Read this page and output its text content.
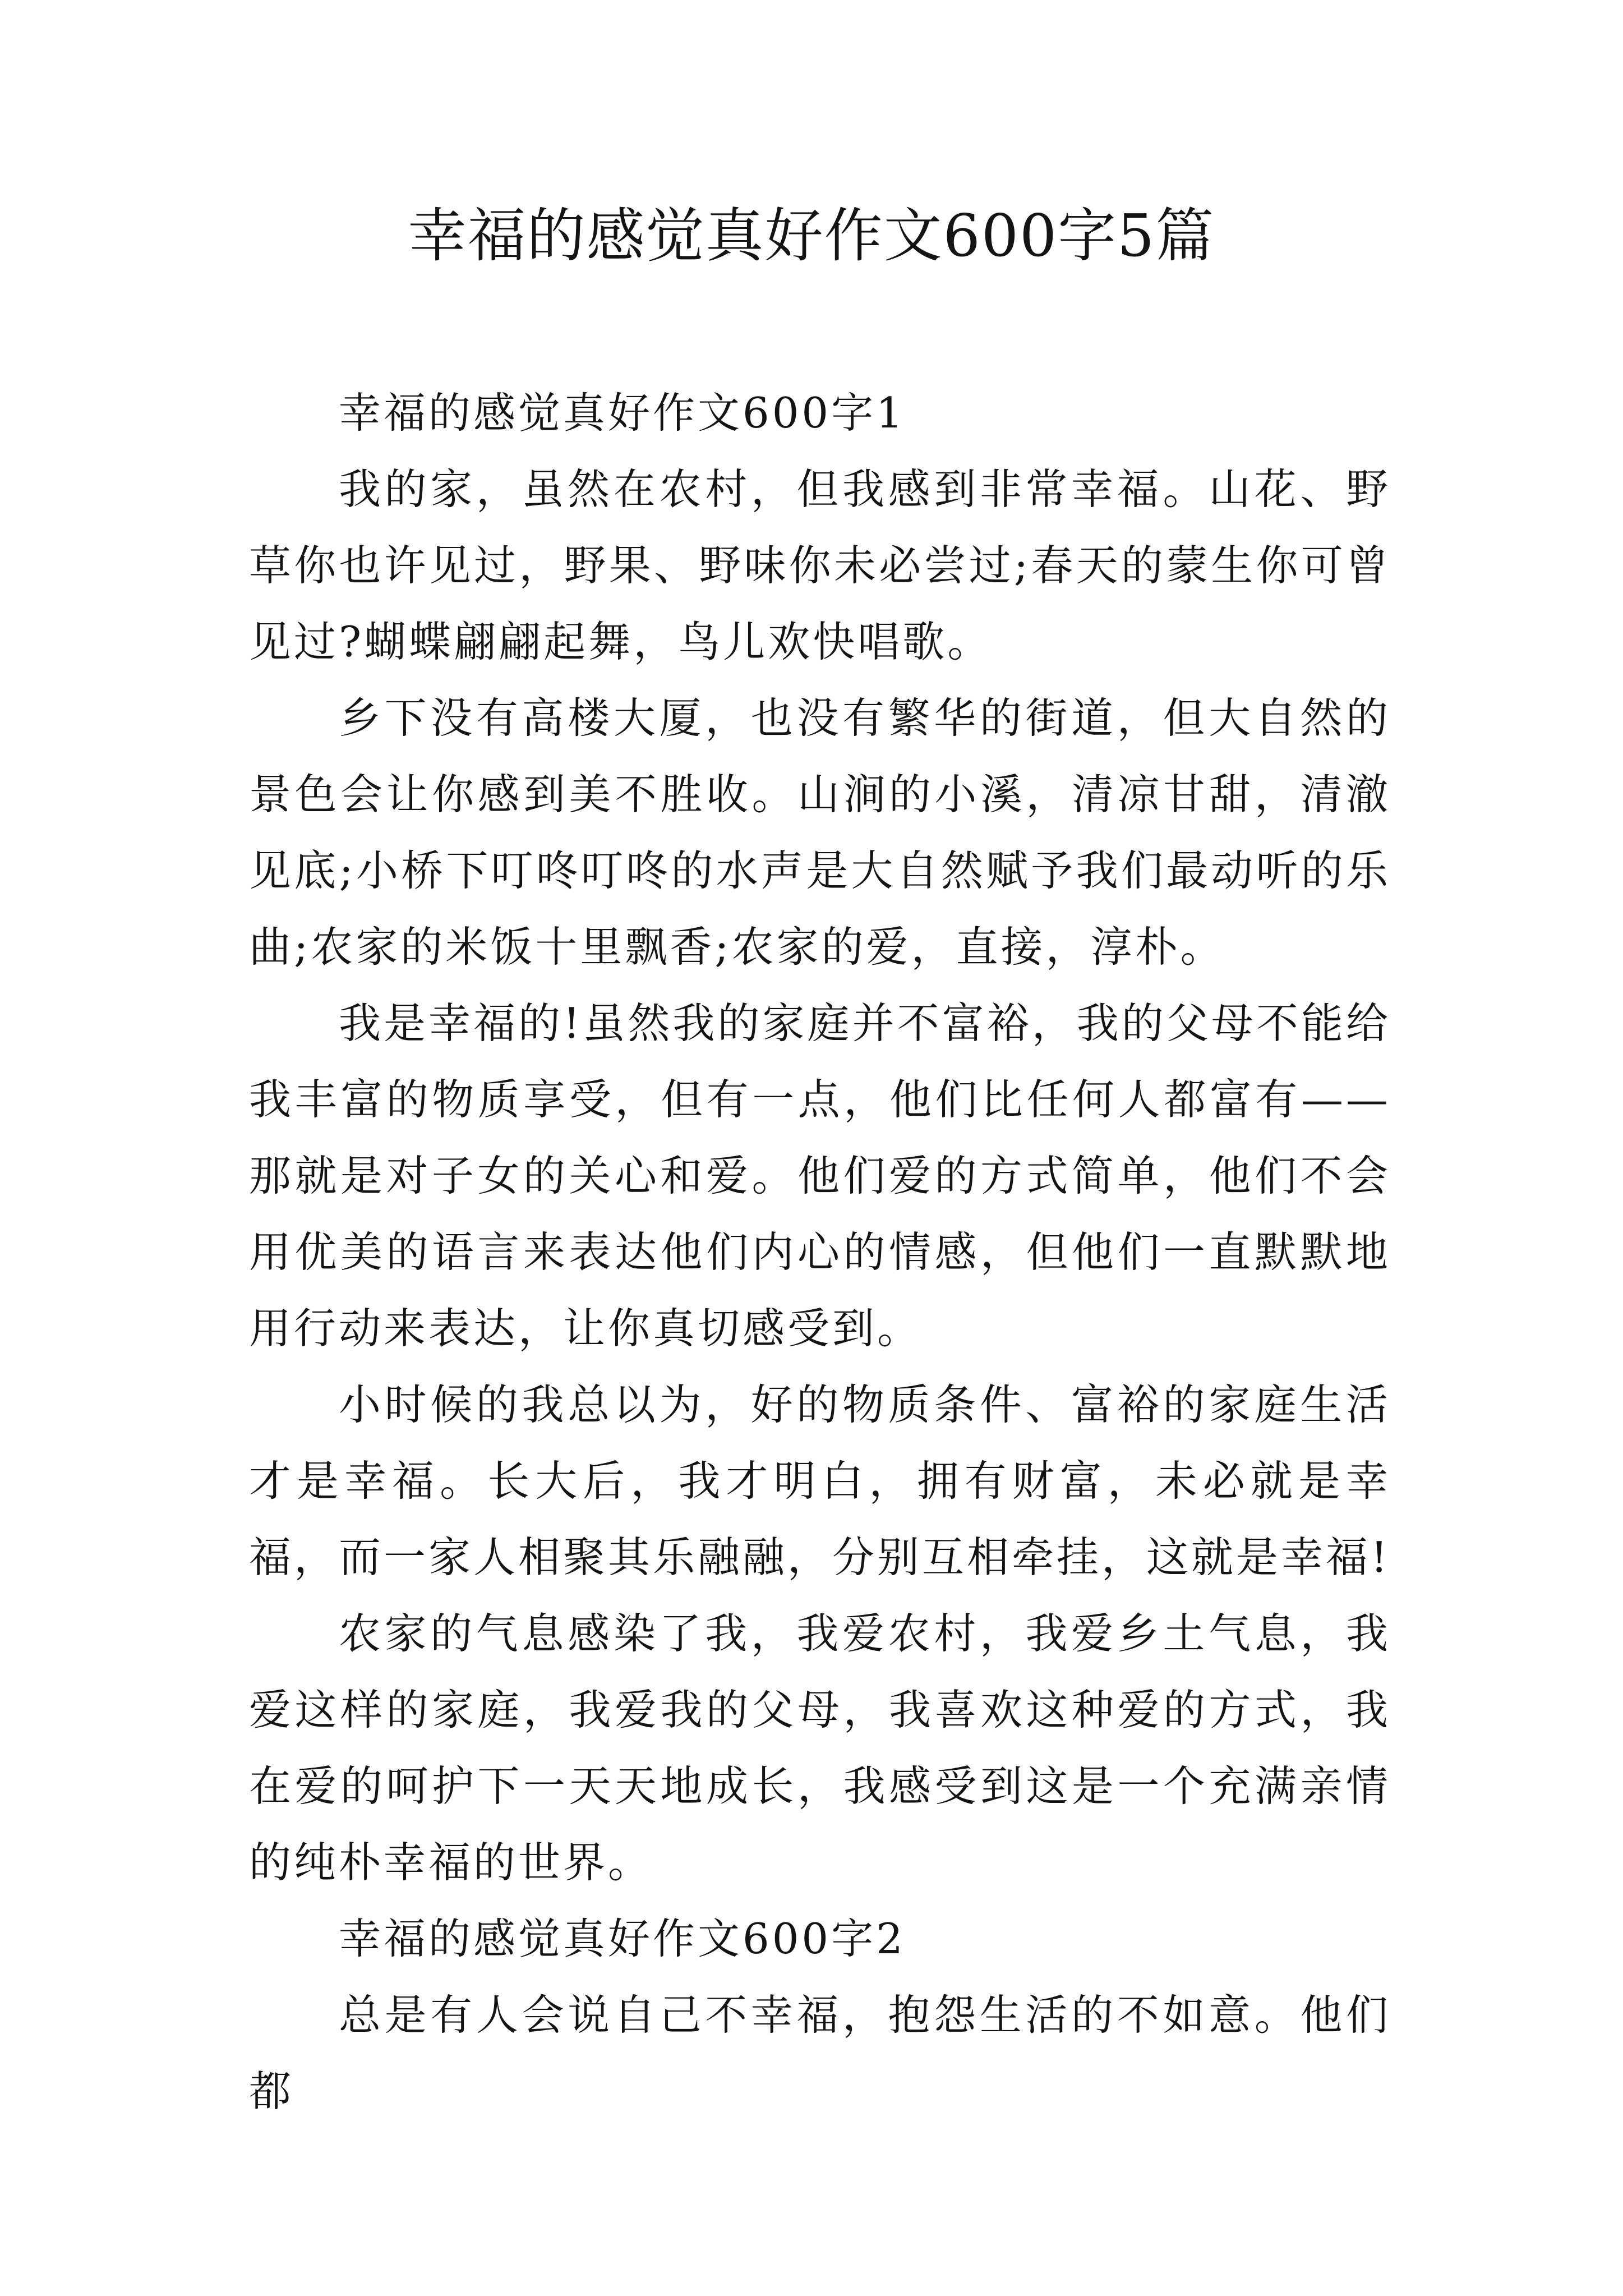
幸福的感觉真好作文600字5篇

幸福的感觉真好作文600字1

我的家，虽然在农村，但我感到非常幸福。山花、野草你也许见过，野果、野味你未必尝过;春天的蒙生你可曾见过?蝴蝶翩翩起舞，鸟儿欢快唱歌。

乡下没有高楼大厦，也没有繁华的街道，但大自然的景色会让你感到美不胜收。山涧的小溪，清凉甘甜，清澈见底;小桥下叮咚叮咚的水声是大自然赋予我们最动听的乐曲;农家的米饭十里飘香;农家的爱，直接，淳朴。

我是幸福的!虽然我的家庭并不富裕，我的父母不能给我丰富的物质享受，但有一点，他们比任何人都富有——那就是对子女的关心和爱。他们爱的方式简单，他们不会用优美的语言来表达他们内心的情感，但他们一直默默地用行动来表达，让你真切感受到。

小时候的我总以为，好的物质条件、富裕的家庭生活才是幸福。长大后，我才明白，拥有财富，未必就是幸福，而一家人相聚其乐融融，分别互相牵挂，这就是幸福!

农家的气息感染了我，我爱农村，我爱乡土气息，我爱这样的家庭，我爱我的父母，我喜欢这种爱的方式，我在爱的呵护下一天天地成长，我感受到这是一个充满亲情的纯朴幸福的世界。

幸福的感觉真好作文600字2

总是有人会说自己不幸福，抱怨生活的不如意。他们都
